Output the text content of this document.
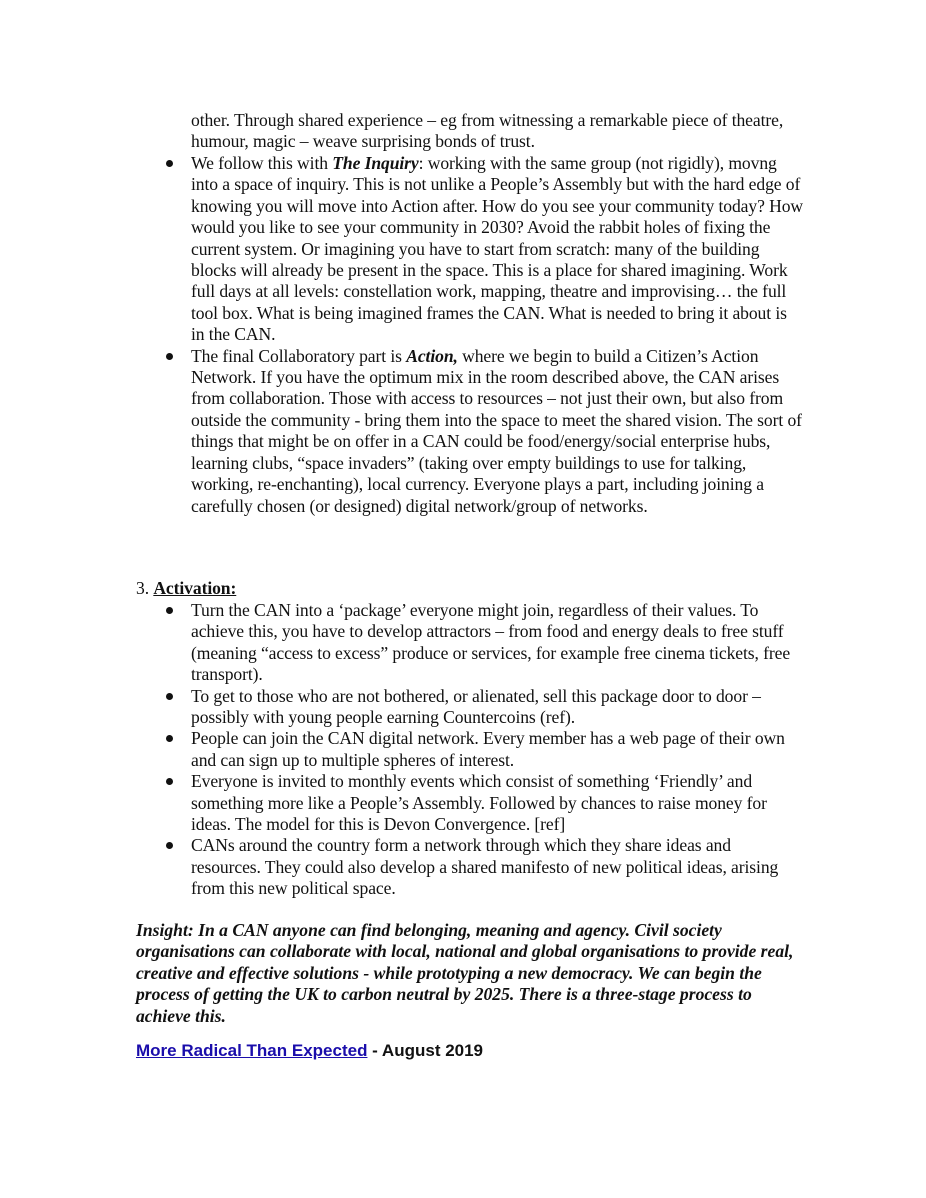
other. Through shared experience – eg from witnessing a remarkable piece of theatre, humour, magic – weave surprising bonds of trust.

We follow this with The Inquiry: working with the same group (not rigidly), movng into a space of inquiry. This is not unlike a People’s Assembly but with the hard edge of knowing you will move into Action after. How do you see your community today? How would you like to see your community in 2030? Avoid the rabbit holes of fixing the current system. Or imagining you have to start from scratch: many of the building blocks will already be present in the space. This is a place for shared imagining. Work full days at all levels: constellation work, mapping, theatre and improvising… the full tool box. What is being imagined frames the CAN. What is needed to bring it about is in the CAN.
The final Collaboratory part is Action, where we begin to build a Citizen’s Action Network. If you have the optimum mix in the room described above, the CAN arises from collaboration. Those with access to resources – not just their own, but also from outside the community - bring them into the space to meet the shared vision. The sort of things that might be on offer in a CAN could be food/energy/social enterprise hubs, learning clubs, “space invaders” (taking over empty buildings to use for talking, working, re-enchanting), local currency. Everyone plays a part, including joining a carefully chosen (or designed) digital network/group of networks.

3. Activation:

Turn the CAN into a ‘package’ everyone might join, regardless of their values. To achieve this, you have to develop attractors – from food and energy deals to free stuff (meaning “access to excess” produce or services, for example free cinema tickets, free transport).
To get to those who are not bothered, or alienated, sell this package door to door – possibly with young people earning Countercoins (ref).
People can join the CAN digital network. Every member has a web page of their own and can sign up to multiple spheres of interest.
Everyone is invited to monthly events which consist of something ‘Friendly’ and something more like a People’s Assembly. Followed by chances to raise money for ideas. The model for this is Devon Convergence. [ref]
CANs around the country form a network through which they share ideas and resources. They could also develop a shared manifesto of new political ideas, arising from this new political space.

Insight: In a CAN anyone can find belonging, meaning and agency. Civil society organisations can collaborate with local, national and global organisations to provide real, creative and effective solutions - while prototyping a new democracy. We can begin the process of getting the UK to carbon neutral by 2025. There is a three-stage process to achieve this.

More Radical Than Expected - August 2019
